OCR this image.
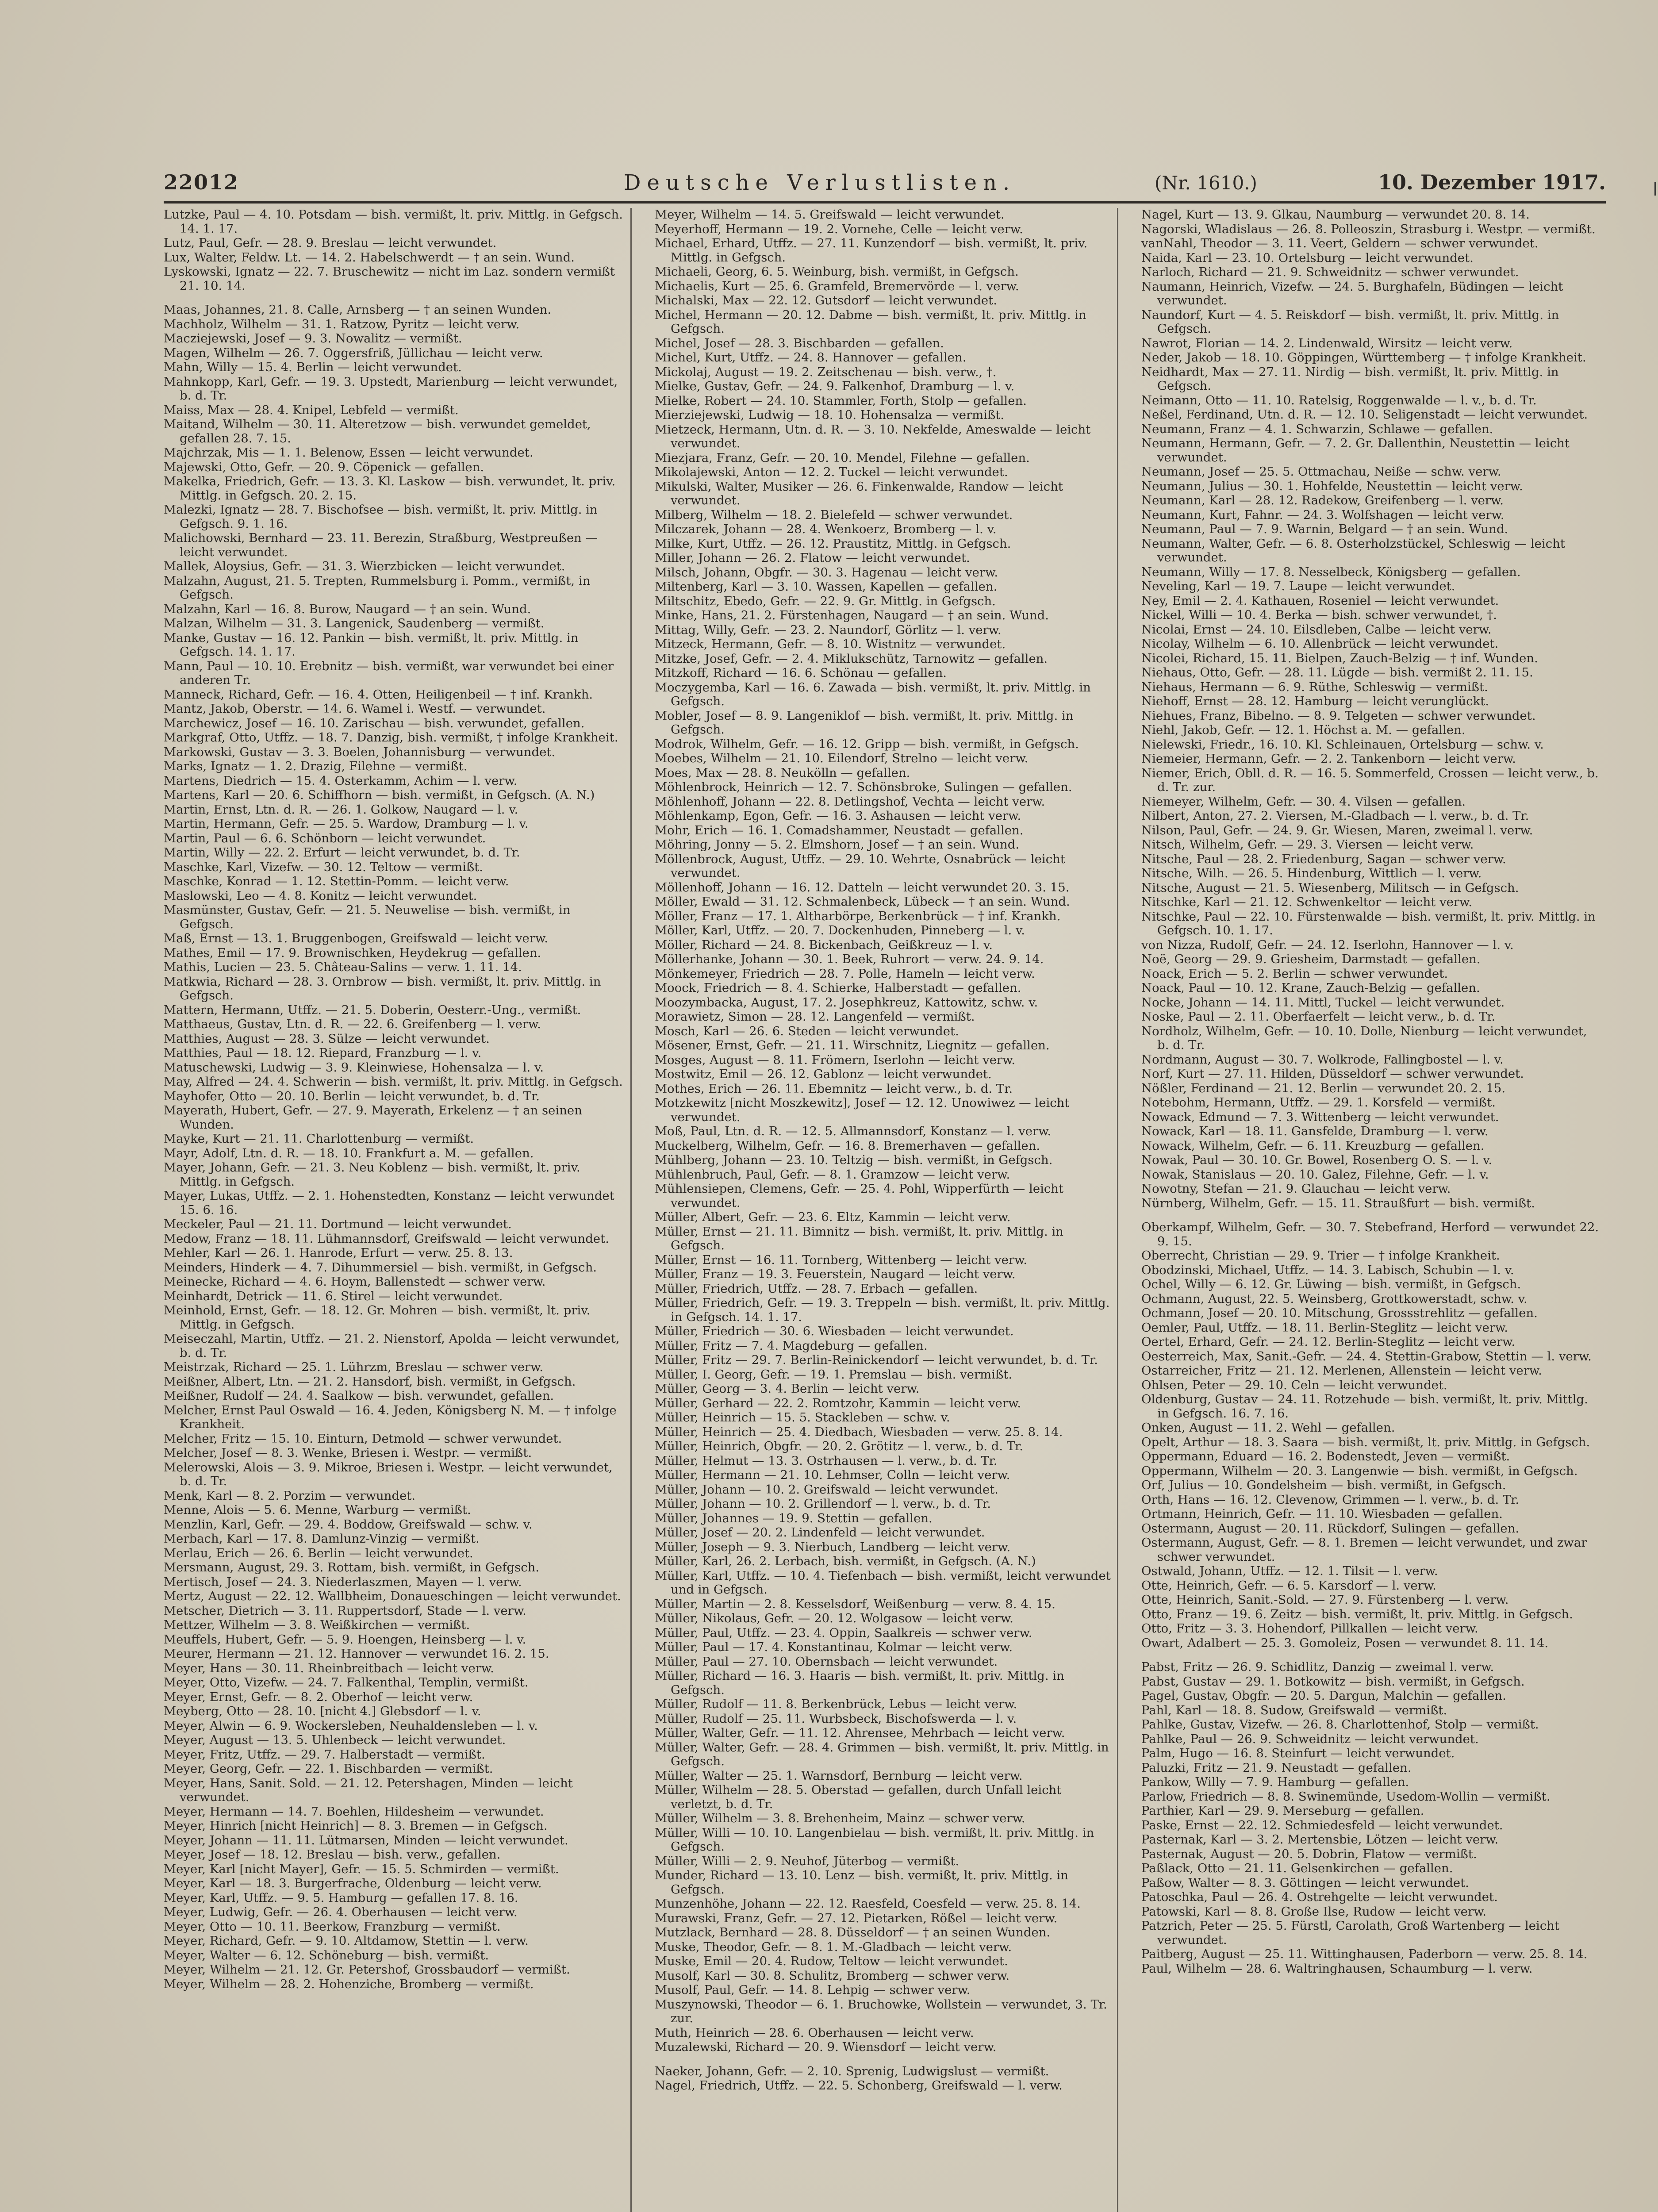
22012	Deutsche Verlustlisten.	(Nr. 1610.)	10. Dezember 1917.
Lutzke, Paul — 4. 10. Potsdam — bish. vermißt, lt. priv. Mittlg. in Gefgsch. 14. 1. 17.
Lutz, Paul, Gefr. — 28. 9. Breslau — leicht verwundet.
Lux, Walter, Feldw. Lt. — 14. 2. Habelschwerdt — † an sein. Wund.
Lyskowski, Ignatz — 22. 7. Bruschewitz — nicht im Laz. sondern vermißt 21. 10. 14.
Maas, Johannes, 21. 8. Calle, Arnsberg — † an seinen Wunden.
Machholz, Wilhelm — 31. 1. Ratzow, Pyritz — leicht verw.
Macziejewski, Josef — 9. 3. Nowalitz — vermißt.
Magen, Wilhelm — 26. 7. Oggersfriß, Jüllichau — leicht verw.
Mahn, Willy — 15. 4. Berlin — leicht verwundet.
Mahnkopp, Karl, Gefr. — 19. 3. Upstedt, Marienburg — leicht verwundet, b. d. Tr.
Maiss, Max — 28. 4. Knipel, Lebfeld — vermißt.
Maitand, Wilhelm — 30. 11. Alteretzow — bish. verwundet gemeldet, gefallen 28. 7. 15.
Majchrzak, Mis — 1. 1. Belenow, Essen — leicht verwundet.
Majewski, Otto, Gefr. — 20. 9. Cöpenick — gefallen.
Makelka, Friedrich, Gefr. — 13. 3. Kl. Laskow — bish. verwundet, lt. priv. Mittlg. in Gefgsch. 20. 2. 15.
Malezki, Ignatz — 28. 7. Bischofsee — bish. vermißt, lt. priv. Mittlg. in Gefgsch. 9. 1. 16.
Malichowski, Bernhard — 23. 11. Berezin, Straßburg, Westpreußen — leicht verwundet.
Mallek, Aloysius, Gefr. — 31. 3. Wierzbicken — leicht verwundet.
Malzahn, August, 21. 5. Trepten, Rummelsburg i. Pomm., vermißt, in Gefgsch.
Malzahn, Karl — 16. 8. Burow, Naugard — † an sein. Wund.
Malzan, Wilhelm — 31. 3. Langenick, Saudenberg — vermißt.
Manke, Gustav — 16. 12. Pankin — bish. vermißt, lt. priv. Mittlg. in Gefgsch. 14. 1. 17.
Mann, Paul — 10. 10. Erebnitz — bish. vermißt, war verwundet bei einer anderen Tr.
Manneck, Richard, Gefr. — 16. 4. Otten, Heiligenbeil — † inf. Krankh.
Mantz, Jakob, Oberstr. — 14. 6. Wamel i. Westf. — verwundet.
Marchewicz, Josef — 16. 10. Zarischau — bish. verwundet, gefallen.
Markgraf, Otto, Utffz. — 18. 7. Danzig, bish. vermißt, † infolge Krankheit.
Markowski, Gustav — 3. 3. Boelen, Johannisburg — verwundet.
Marks, Ignatz — 1. 2. Drazig, Filehne — vermißt.
Martens, Diedrich — 15. 4. Osterkamm, Achim — l. verw.
Martens, Karl — 20. 6. Schiffhorn — bish. vermißt, in Gefgsch. (A. N.)
Martin, Ernst, Ltn. d. R. — 26. 1. Golkow, Naugard — l. v.
Martin, Hermann, Gefr. — 25. 5. Wardow, Dramburg — l. v.
Martin, Paul — 6. 6. Schönborn — leicht verwundet.
Martin, Willy — 22. 2. Erfurt — leicht verwundet, b. d. Tr.
Maschke, Karl, Vizefw. — 30. 12. Teltow — vermißt.
Maschke, Konrad — 1. 12. Stettin-Pomm. — leicht verw.
Maslowski, Leo — 4. 8. Konitz — leicht verwundet.
Masmünster, Gustav, Gefr. — 21. 5. Neuwelise — bish. vermißt, in Gefgsch.
Maß, Ernst — 13. 1. Bruggenbogen, Greifswald — leicht verw.
Mathes, Emil — 17. 9. Brownischken, Heydekrug — gefallen.
Mathis, Lucien — 23. 5. Château-Salins — verw. 1. 11. 14.
Matkwia, Richard — 28. 3. Ornbrow — bish. vermißt, lt. priv. Mittlg. in Gefgsch.
Mattern, Hermann, Utffz. — 21. 5. Doberin, Oesterr.-Ung., vermißt.
Matthaeus, Gustav, Ltn. d. R. — 22. 6. Greifenberg — l. verw.
Matthies, August — 28. 3. Sülze — leicht verwundet.
Matthies, Paul — 18. 12. Riepard, Franzburg — l. v.
Matuschewski, Ludwig — 3. 9. Kleinwiese, Hohensalza — l. v.
May, Alfred — 24. 4. Schwerin — bish. vermißt, lt. priv. Mittlg. in Gefgsch.
Mayhofer, Otto — 20. 10. Berlin — leicht verwundet, b. d. Tr.
Mayerath, Hubert, Gefr. — 27. 9. Mayerath, Erkelenz — † an seinen Wunden.
Mayke, Kurt — 21. 11. Charlottenburg — vermißt.
Mayr, Adolf, Ltn. d. R. — 18. 10. Frankfurt a. M. — gefallen.
Mayer, Johann, Gefr. — 21. 3. Neu Koblenz — bish. vermißt, lt. priv. Mittlg. in Gefgsch.
Mayer, Lukas, Utffz. — 2. 1. Hohenstedten, Konstanz — leicht verwundet 15. 6. 16.
Meckeler, Paul — 21. 11. Dortmund — leicht verwundet.
Medow, Franz — 18. 11. Lühmannsdorf, Greifswald — leicht verwundet.
Mehler, Karl — 26. 1. Hanrode, Erfurt — verw. 25. 8. 13.
Meinders, Hinderk — 4. 7. Dihummersiel — bish. vermißt, in Gefgsch.
Meinecke, Richard — 4. 6. Hoym, Ballenstedt — schwer verw.
Meinhardt, Detrick — 11. 6. Stirel — leicht verwundet.
Meinhold, Ernst, Gefr. — 18. 12. Gr. Mohren — bish. vermißt, lt. priv. Mittlg. in Gefgsch.
Meiseczahl, Martin, Utffz. — 21. 2. Nienstorf, Apolda — leicht verwundet, b. d. Tr.
Meistrzak, Richard — 25. 1. Lührzm, Breslau — schwer verw.
Meißner, Albert, Ltn. — 21. 2. Hansdorf, bish. vermißt, in Gefgsch.
Meißner, Rudolf — 24. 4. Saalkow — bish. verwundet, gefallen.
Melcher, Ernst Paul Oswald — 16. 4. Jeden, Königsberg N. M. — † infolge Krankheit.
Melcher, Fritz — 15. 10. Einturn, Detmold — schwer verwundet.
Melcher, Josef — 8. 3. Wenke, Briesen i. Westpr. — vermißt.
Melerowski, Alois — 3. 9. Mikroe, Briesen i. Westpr. — leicht verwundet, b. d. Tr.
Menk, Karl — 8. 2. Porzim — verwundet.
Menne, Alois — 5. 6. Menne, Warburg — vermißt.
Menzlin, Karl, Gefr. — 29. 4. Boddow, Greifswald — schw. v.
Merbach, Karl — 17. 8. Damlunz-Vinzig — vermißt.
Merlau, Erich — 26. 6. Berlin — leicht verwundet.
Mersmann, August, 29. 3. Rottam, bish. vermißt, in Gefgsch.
Mertisch, Josef — 24. 3. Niederlaszmen, Mayen — l. verw.
Mertz, August — 22. 12. Wallbheim, Donaueschingen — leicht verwundet.
Metscher, Dietrich — 3. 11. Ruppertsdorf, Stade — l. verw.
Mettzer, Wilhelm — 3. 8. Weißkirchen — vermißt.
Meuffels, Hubert, Gefr. — 5. 9. Hoengen, Heinsberg — l. v.
Meurer, Hermann — 21. 12. Hannover — verwundet 16. 2. 15.
Meyer, Hans — 30. 11. Rheinbreitbach — leicht verw.
Meyer, Otto, Vizefw. — 24. 7. Falkenthal, Templin, vermißt.
Meyer, Ernst, Gefr. — 8. 2. Oberhof — leicht verw.
Meyberg, Otto — 28. 10. [nicht 4.] Glebsdorf — l. v.
Meyer, Alwin — 6. 9. Wockersleben, Neuhaldensleben — l. v.
Meyer, August — 13. 5. Uhlenbeck — leicht verwundet.
Meyer, Fritz, Utffz. — 29. 7. Halberstadt — vermißt.
Meyer, Georg, Gefr. — 22. 1. Bischbarden — vermißt.
Meyer, Hans, Sanit. Sold. — 21. 12. Petershagen, Minden — leicht verwundet.
Meyer, Hermann — 14. 7. Boehlen, Hildesheim — verwundet.
Meyer, Hinrich [nicht Heinrich] — 8. 3. Bremen — in Gefgsch.
Meyer, Johann — 11. 11. Lütmarsen, Minden — leicht verwundet.
Meyer, Josef — 18. 12. Breslau — bish. verw., gefallen.
Meyer, Karl [nicht Mayer], Gefr. — 15. 5. Schmirden — vermißt.
Meyer, Karl — 18. 3. Burgerfrache, Oldenburg — leicht verw.
Meyer, Karl, Utffz. — 9. 5. Hamburg — gefallen 17. 8. 16.
Meyer, Ludwig, Gefr. — 26. 4. Oberhausen — leicht verw.
Meyer, Otto — 10. 11. Beerkow, Franzburg — vermißt.
Meyer, Richard, Gefr. — 9. 10. Altdamow, Stettin — l. verw.
Meyer, Walter — 6. 12. Schöneburg — bish. vermißt.
Meyer, Wilhelm — 21. 12. Gr. Petershof, Grossbaudorf — vermißt.
Meyer, Wilhelm — 28. 2. Hohenziche, Bromberg — vermißt.
Meyer, Wilhelm — 14. 5. Greifswald — leicht verwundet.
Meyerhoff, Hermann — 19. 2. Vornehe, Celle — leicht verw.
Michael, Erhard, Utffz. — 27. 11. Kunzendorf — bish. vermißt, lt. priv. Mittlg. in Gefgsch.
Michaeli, Georg, 6. 5. Weinburg, bish. vermißt, in Gefgsch.
Michaelis, Kurt — 25. 6. Gramfeld, Bremervörde — l. verw.
Michalski, Max — 22. 12. Gutsdorf — leicht verwundet.
Michel, Hermann — 20. 12. Dabme — bish. vermißt, lt. priv. Mittlg. in Gefgsch.
Michel, Josef — 28. 3. Bischbarden — gefallen.
Michel, Kurt, Utffz. — 24. 8. Hannover — gefallen.
Mickolaj, August — 19. 2. Zeitschenau — bish. verw., †.
Mielke, Gustav, Gefr. — 24. 9. Falkenhof, Dramburg — l. v.
Mielke, Robert — 24. 10. Stammler, Forth, Stolp — gefallen.
Mierziejewski, Ludwig — 18. 10. Hohensalza — vermißt.
Mietzeck, Hermann, Utn. d. R. — 3. 10. Nekfelde, Ameswalde — leicht verwundet.
Miezjara, Franz, Gefr. — 20. 10. Mendel, Filehne — gefallen.
Mikolajewski, Anton — 12. 2. Tuckel — leicht verwundet.
Mikulski, Walter, Musiker — 26. 6. Finkenwalde, Randow — leicht verwundet.
Milberg, Wilhelm — 18. 2. Bielefeld — schwer verwundet.
Milczarek, Johann — 28. 4. Wenkoerz, Bromberg — l. v.
Milke, Kurt, Utffz. — 26. 12. Praustitz, Mittlg. in Gefgsch.
Miller, Johann — 26. 2. Flatow — leicht verwundet.
Milsch, Johann, Obgfr. — 30. 3. Hagenau — leicht verw.
Miltenberg, Karl — 3. 10. Wassen, Kapellen — gefallen.
Miltschitz, Ebedo, Gefr. — 22. 9. Gr. Mittlg. in Gefgsch.
Minke, Hans, 21. 2. Fürstenhagen, Naugard — † an sein. Wund.
Mittag, Willy, Gefr. — 23. 2. Naundorf, Görlitz — l. verw.
Mitzeck, Hermann, Gefr. — 8. 10. Wistnitz — verwundet.
Mitzke, Josef, Gefr. — 2. 4. Miklukschütz, Tarnowitz — gefallen.
Mitzkoff, Richard — 16. 6. Schönau — gefallen.
Moczygemba, Karl — 16. 6. Zawada — bish. vermißt, lt. priv. Mittlg. in Gefgsch.
Mobler, Josef — 8. 9. Langeniklof — bish. vermißt, lt. priv. Mittlg. in Gefgsch.
Modrok, Wilhelm, Gefr. — 16. 12. Gripp — bish. vermißt, in Gefgsch.
Moebes, Wilhelm — 21. 10. Eilendorf, Strelno — leicht verw.
Moes, Max — 28. 8. Neukölln — gefallen.
Möhlenbrock, Heinrich — 12. 7. Schönsbroke, Sulingen — gefallen.
Möhlenhoff, Johann — 22. 8. Detlingshof, Vechta — leicht verw.
Möhlenkamp, Egon, Gefr. — 16. 3. Ashausen — leicht verw.
Mohr, Erich — 16. 1. Comadshammer, Neustadt — gefallen.
Möhring, Jonny — 5. 2. Elmshorn, Josef — † an sein. Wund.
Möllenbrock, August, Utffz. — 29. 10. Wehrte, Osnabrück — leicht verwundet.
Möllenhoff, Johann — 16. 12. Datteln — leicht verwundet 20. 3. 15.
Möller, Ewald — 31. 12. Schmalenbeck, Lübeck — † an sein. Wund.
Möller, Franz — 17. 1. Altharbörpe, Berkenbrück — † inf. Krankh.
Möller, Karl, Utffz. — 20. 7. Dockenhuden, Pinneberg — l. v.
Möller, Richard — 24. 8. Bickenbach, Geißkreuz — l. v.
Möllerhanke, Johann — 30. 1. Beek, Ruhrort — verw. 24. 9. 14.
Mönkemeyer, Friedrich — 28. 7. Polle, Hameln — leicht verw.
Moock, Friedrich — 8. 4. Schierke, Halberstadt — gefallen.
Moozymbacka, August, 17. 2. Josephkreuz, Kattowitz, schw. v.
Morawietz, Simon — 28. 12. Langenfeld — vermißt.
Mosch, Karl — 26. 6. Steden — leicht verwundet.
Mösener, Ernst, Gefr. — 21. 11. Wirschnitz, Liegnitz — gefallen.
Mosges, August — 8. 11. Frömern, Iserlohn — leicht verw.
Mostwitz, Emil — 26. 12. Gablonz — leicht verwundet.
Mothes, Erich — 26. 11. Ebemnitz — leicht verw., b. d. Tr.
Motzkewitz [nicht Moszkewitz], Josef — 12. 12. Unowiwez — leicht verwundet.
Moß, Paul, Ltn. d. R. — 12. 5. Allmannsdorf, Konstanz — l. verw.
Muckelberg, Wilhelm, Gefr. — 16. 8. Bremerhaven — gefallen.
Mühlberg, Johann — 23. 10. Teltzig — bish. vermißt, in Gefgsch.
Mühlenbruch, Paul, Gefr. — 8. 1. Gramzow — leicht verw.
Mühlensiepen, Clemens, Gefr. — 25. 4. Pohl, Wipperfürth — leicht verwundet.
Müller, Albert, Gefr. — 23. 6. Eltz, Kammin — leicht verw.
Müller, Ernst — 21. 11. Bimnitz — bish. vermißt, lt. priv. Mittlg. in Gefgsch.
Müller, Ernst — 16. 11. Tornberg, Wittenberg — leicht verw.
Müller, Franz — 19. 3. Feuerstein, Naugard — leicht verw.
Müller, Friedrich, Utffz. — 28. 7. Erbach — gefallen.
Müller, Friedrich, Gefr. — 19. 3. Treppeln — bish. vermißt, lt. priv. Mittlg. in Gefgsch. 14. 1. 17.
Müller, Friedrich — 30. 6. Wiesbaden — leicht verwundet.
Müller, Fritz — 7. 4. Magdeburg — gefallen.
Müller, Fritz — 29. 7. Berlin-Reinickendorf — leicht verwundet, b. d. Tr.
Müller, I. Georg, Gefr. — 19. 1. Premslau — bish. vermißt.
Müller, Georg — 3. 4. Berlin — leicht verw.
Müller, Gerhard — 22. 2. Romtzohr, Kammin — leicht verw.
Müller, Heinrich — 15. 5. Stackleben — schw. v.
Müller, Heinrich — 25. 4. Diedbach, Wiesbaden — verw. 25. 8. 14.
Müller, Heinrich, Obgfr. — 20. 2. Grötitz — l. verw., b. d. Tr.
Müller, Helmut — 13. 3. Ostrhausen — l. verw., b. d. Tr.
Müller, Hermann — 21. 10. Lehmser, Colln — leicht verw.
Müller, Johann — 10. 2. Greifswald — leicht verwundet.
Müller, Johann — 10. 2. Grillendorf — l. verw., b. d. Tr.
Müller, Johannes — 19. 9. Stettin — gefallen.
Müller, Josef — 20. 2. Lindenfeld — leicht verwundet.
Müller, Joseph — 9. 3. Nierbuch, Landberg — leicht verw.
Müller, Karl, 26. 2. Lerbach, bish. vermißt, in Gefgsch. (A. N.)
Müller, Karl, Utffz. — 10. 4. Tiefenbach — bish. vermißt, leicht verwundet und in Gefgsch.
Müller, Martin — 2. 8. Kesselsdorf, Weißenburg — verw. 8. 4. 15.
Müller, Nikolaus, Gefr. — 20. 12. Wolgasow — leicht verw.
Müller, Paul, Utffz. — 23. 4. Oppin, Saalkreis — schwer verw.
Müller, Paul — 17. 4. Konstantinau, Kolmar — leicht verw.
Müller, Paul — 27. 10. Obernsbach — leicht verwundet.
Müller, Richard — 16. 3. Haaris — bish. vermißt, lt. priv. Mittlg. in Gefgsch.
Müller, Rudolf — 11. 8. Berkenbrück, Lebus — leicht verw.
Müller, Rudolf — 25. 11. Wurbsbeck, Bischofswerda — l. v.
Müller, Walter, Gefr. — 11. 12. Ahrensee, Mehrbach — leicht verw.
Müller, Walter, Gefr. — 28. 4. Grimmen — bish. vermißt, lt. priv. Mittlg. in Gefgsch.
Müller, Walter — 25. 1. Warnsdorf, Bernburg — leicht verw.
Müller, Wilhelm — 28. 5. Oberstad — gefallen, durch Unfall leicht verletzt, b. d. Tr.
Müller, Wilhelm — 3. 8. Brehenheim, Mainz — schwer verw.
Müller, Willi — 10. 10. Langenbielau — bish. vermißt, lt. priv. Mittlg. in Gefgsch.
Müller, Willi — 2. 9. Neuhof, Jüterbog — vermißt.
Munder, Richard — 13. 10. Lenz — bish. vermißt, lt. priv. Mittlg. in Gefgsch.
Munzenhöhe, Johann — 22. 12. Raesfeld, Coesfeld — verw. 25. 8. 14.
Murawski, Franz, Gefr. — 27. 12. Pietarken, Rößel — leicht verw.
Mutzlack, Bernhard — 28. 8. Düsseldorf — † an seinen Wunden.
Muske, Theodor, Gefr. — 8. 1. M.-Gladbach — leicht verw.
Muske, Emil — 20. 4. Rudow, Teltow — leicht verwundet.
Musolf, Karl — 30. 8. Schulitz, Bromberg — schwer verw.
Musolf, Paul, Gefr. — 14. 8. Lehpig — schwer verw.
Muszynowski, Theodor — 6. 1. Bruchowke, Wollstein — verwundet, 3. Tr. zur.
Muth, Heinrich — 28. 6. Oberhausen — leicht verw.
Muzalewski, Richard — 20. 9. Wiensdorf — leicht verw.
Naeker, Johann, Gefr. — 2. 10. Sprenig, Ludwigslust — vermißt.
Nagel, Friedrich, Utffz. — 22. 5. Schonberg, Greifswald — l. verw.
Nagel, Kurt — 13. 9. Glkau, Naumburg — verwundet 20. 8. 14.
Nagorski, Wladislaus — 26. 8. Polleoszin, Strasburg i. Westpr. — vermißt.
vanNahl, Theodor — 3. 11. Veert, Geldern — schwer verwundet.
Naida, Karl — 23. 10. Ortelsburg — leicht verwundet.
Narloch, Richard — 21. 9. Schweidnitz — schwer verwundet.
Naumann, Heinrich, Vizefw. — 24. 5. Burghafeln, Büdingen — leicht verwundet.
Naundorf, Kurt — 4. 5. Reiskdorf — bish. vermißt, lt. priv. Mittlg. in Gefgsch.
Nawrot, Florian — 14. 2. Lindenwald, Wirsitz — leicht verw.
Neder, Jakob — 18. 10. Göppingen, Württemberg — † infolge Krankheit.
Neidhardt, Max — 27. 11. Nirdig — bish. vermißt, lt. priv. Mittlg. in Gefgsch.
Neimann, Otto — 11. 10. Ratelsig, Roggenwalde — l. v., b. d. Tr.
Neßel, Ferdinand, Utn. d. R. — 12. 10. Seligenstadt — leicht verwundet.
Neumann, Franz — 4. 1. Schwarzin, Schlawe — gefallen.
Neumann, Hermann, Gefr. — 7. 2. Gr. Dallenthin, Neustettin — leicht verwundet.
Neumann, Josef — 25. 5. Ottmachau, Neiße — schw. verw.
Neumann, Julius — 30. 1. Hohfelde, Neustettin — leicht verw.
Neumann, Karl — 28. 12. Radekow, Greifenberg — l. verw.
Neumann, Kurt, Fahnr. — 24. 3. Wolfshagen — leicht verw.
Neumann, Paul — 7. 9. Warnin, Belgard — † an sein. Wund.
Neumann, Walter, Gefr. — 6. 8. Osterholzstückel, Schleswig — leicht verwundet.
Neumann, Willy — 17. 8. Nesselbeck, Königsberg — gefallen.
Neveling, Karl — 19. 7. Laupe — leicht verwundet.
Ney, Emil — 2. 4. Kathauen, Roseniel — leicht verwundet.
Nickel, Willi — 10. 4. Berka — bish. schwer verwundet, †.
Nicolai, Ernst — 24. 10. Eilsdleben, Calbe — leicht verw.
Nicolay, Wilhelm — 6. 10. Allenbrück — leicht verwundet.
Nicolei, Richard, 15. 11. Bielpen, Zauch-Belzig — † inf. Wunden.
Niehaus, Otto, Gefr. — 28. 11. Lügde — bish. vermißt 2. 11. 15.
Niehaus, Hermann — 6. 9. Rüthe, Schleswig — vermißt.
Niehoff, Ernst — 28. 12. Hamburg — leicht verunglückt.
Niehues, Franz, Bibelno. — 8. 9. Telgeten — schwer verwundet.
Niehl, Jakob, Gefr. — 12. 1. Höchst a. M. — gefallen.
Nielewski, Friedr., 16. 10. Kl. Schleinauen, Ortelsburg — schw. v.
Niemeier, Hermann, Gefr. — 2. 2. Tankenborn — leicht verw.
Niemer, Erich, Obll. d. R. — 16. 5. Sommerfeld, Crossen — leicht verw., b. d. Tr. zur.
Niemeyer, Wilhelm, Gefr. — 30. 4. Vilsen — gefallen.
Nilbert, Anton, 27. 2. Viersen, M.-Gladbach — l. verw., b. d. Tr.
Nilson, Paul, Gefr. — 24. 9. Gr. Wiesen, Maren, zweimal l. verw.
Nitsch, Wilhelm, Gefr. — 29. 3. Viersen — leicht verw.
Nitsche, Paul — 28. 2. Friedenburg, Sagan — schwer verw.
Nitsche, Wilh. — 26. 5. Hindenburg, Wittlich — l. verw.
Nitsche, August — 21. 5. Wiesenberg, Militsch — in Gefgsch.
Nitschke, Karl — 21. 12. Schwenkeltor — leicht verw.
Nitschke, Paul — 22. 10. Fürstenwalde — bish. vermißt, lt. priv. Mittlg. in Gefgsch. 10. 1. 17.
von Nizza, Rudolf, Gefr. — 24. 12. Iserlohn, Hannover — l. v.
Noë, Georg — 29. 9. Griesheim, Darmstadt — gefallen.
Noack, Erich — 5. 2. Berlin — schwer verwundet.
Noack, Paul — 10. 12. Krane, Zauch-Belzig — gefallen.
Nocke, Johann — 14. 11. Mittl, Tuckel — leicht verwundet.
Noske, Paul — 2. 11. Oberfaerfelt — leicht verw., b. d. Tr.
Nordholz, Wilhelm, Gefr. — 10. 10. Dolle, Nienburg — leicht verwundet, b. d. Tr.
Nordmann, August — 30. 7. Wolkrode, Fallingbostel — l. v.
Norf, Kurt — 27. 11. Hilden, Düsseldorf — schwer verwundet.
Nößler, Ferdinand — 21. 12. Berlin — verwundet 20. 2. 15.
Notebohm, Hermann, Utffz. — 29. 1. Korsfeld — vermißt.
Nowack, Edmund — 7. 3. Wittenberg — leicht verwundet.
Nowack, Karl — 18. 11. Gansfelde, Dramburg — l. verw.
Nowack, Wilhelm, Gefr. — 6. 11. Kreuzburg — gefallen.
Nowak, Paul — 30. 10. Gr. Bowel, Rosenberg O. S. — l. v.
Nowak, Stanislaus — 20. 10. Galez, Filehne, Gefr. — l. v.
Nowotny, Stefan — 21. 9. Glauchau — leicht verw.
Nürnberg, Wilhelm, Gefr. — 15. 11. Straußfurt — bish. vermißt.
Oberkampf, Wilhelm, Gefr. — 30. 7. Stebefrand, Herford — verwundet 22. 9. 15.
Oberrecht, Christian — 29. 9. Trier — † infolge Krankheit.
Obodzinski, Michael, Utffz. — 14. 3. Labisch, Schubin — l. v.
Ochel, Willy — 6. 12. Gr. Lüwing — bish. vermißt, in Gefgsch.
Ochmann, August, 22. 5. Weinsberg, Grottkowerstadt, schw. v.
Ochmann, Josef — 20. 10. Mitschung, Grossstrehlitz — gefallen.
Oemler, Paul, Utffz. — 18. 11. Berlin-Steglitz — leicht verw.
Oertel, Erhard, Gefr. — 24. 12. Berlin-Steglitz — leicht verw.
Oesterreich, Max, Sanit.-Gefr. — 24. 4. Stettin-Grabow, Stettin — l. verw.
Ostarreicher, Fritz — 21. 12. Merlenen, Allenstein — leicht verw.
Ohlsen, Peter — 29. 10. Celn — leicht verwundet.
Oldenburg, Gustav — 24. 11. Rotzehude — bish. vermißt, lt. priv. Mittlg. in Gefgsch. 16. 7. 16.
Onken, August — 11. 2. Wehl — gefallen.
Opelt, Arthur — 18. 3. Saara — bish. vermißt, lt. priv. Mittlg. in Gefgsch.
Oppermann, Eduard — 16. 2. Bodenstedt, Jeven — vermißt.
Oppermann, Wilhelm — 20. 3. Langenwie — bish. vermißt, in Gefgsch.
Orf, Julius — 10. Gondelsheim — bish. vermißt, in Gefgsch.
Orth, Hans — 16. 12. Clevenow, Grimmen — l. verw., b. d. Tr.
Ortmann, Heinrich, Gefr. — 11. 10. Wiesbaden — gefallen.
Ostermann, August — 20. 11. Rückdorf, Sulingen — gefallen.
Ostermann, August, Gefr. — 8. 1. Bremen — leicht verwundet, und zwar schwer verwundet.
Ostwald, Johann, Utffz. — 12. 1. Tilsit — l. verw.
Otte, Heinrich, Gefr. — 6. 5. Karsdorf — l. verw.
Otte, Heinrich, Sanit.-Sold. — 27. 9. Fürstenberg — l. verw.
Otto, Franz — 19. 6. Zeitz — bish. vermißt, lt. priv. Mittlg. in Gefgsch.
Otto, Fritz — 3. 3. Hohendorf, Pillkallen — leicht verw.
Owart, Adalbert — 25. 3. Gomoleiz, Posen — verwundet 8. 11. 14.
Pabst, Fritz — 26. 9. Schidlitz, Danzig — zweimal l. verw.
Pabst, Gustav — 29. 1. Botkowitz — bish. vermißt, in Gefgsch.
Pagel, Gustav, Obgfr. — 20. 5. Dargun, Malchin — gefallen.
Pahl, Karl — 18. 8. Sudow, Greifswald — vermißt.
Pahlke, Gustav, Vizefw. — 26. 8. Charlottenhof, Stolp — vermißt.
Pahlke, Paul — 26. 9. Schweidnitz — leicht verwundet.
Palm, Hugo — 16. 8. Steinfurt — leicht verwundet.
Paluzki, Fritz — 21. 9. Neustadt — gefallen.
Pankow, Willy — 7. 9. Hamburg — gefallen.
Parlow, Friedrich — 8. 8. Swinemünde, Usedom-Wollin — vermißt.
Parthier, Karl — 29. 9. Merseburg — gefallen.
Paske, Ernst — 22. 12. Schmiedesfeld — leicht verwundet.
Pasternak, Karl — 3. 2. Mertensbie, Lötzen — leicht verw.
Pasternak, August — 20. 5. Dobrin, Flatow — vermißt.
Paßlack, Otto — 21. 11. Gelsenkirchen — gefallen.
Paßow, Walter — 8. 3. Göttingen — leicht verwundet.
Patoschka, Paul — 26. 4. Ostrehgelte — leicht verwundet.
Patowski, Karl — 8. 8. Große Ilse, Rudow — leicht verw.
Patzrich, Peter — 25. 5. Fürstl, Carolath, Groß Wartenberg — leicht verwundet.
Paitberg, August — 25. 11. Wittinghausen, Paderborn — verw. 25. 8. 14.
Paul, Wilhelm — 28. 6. Waltringhausen, Schaumburg — l. verw.
